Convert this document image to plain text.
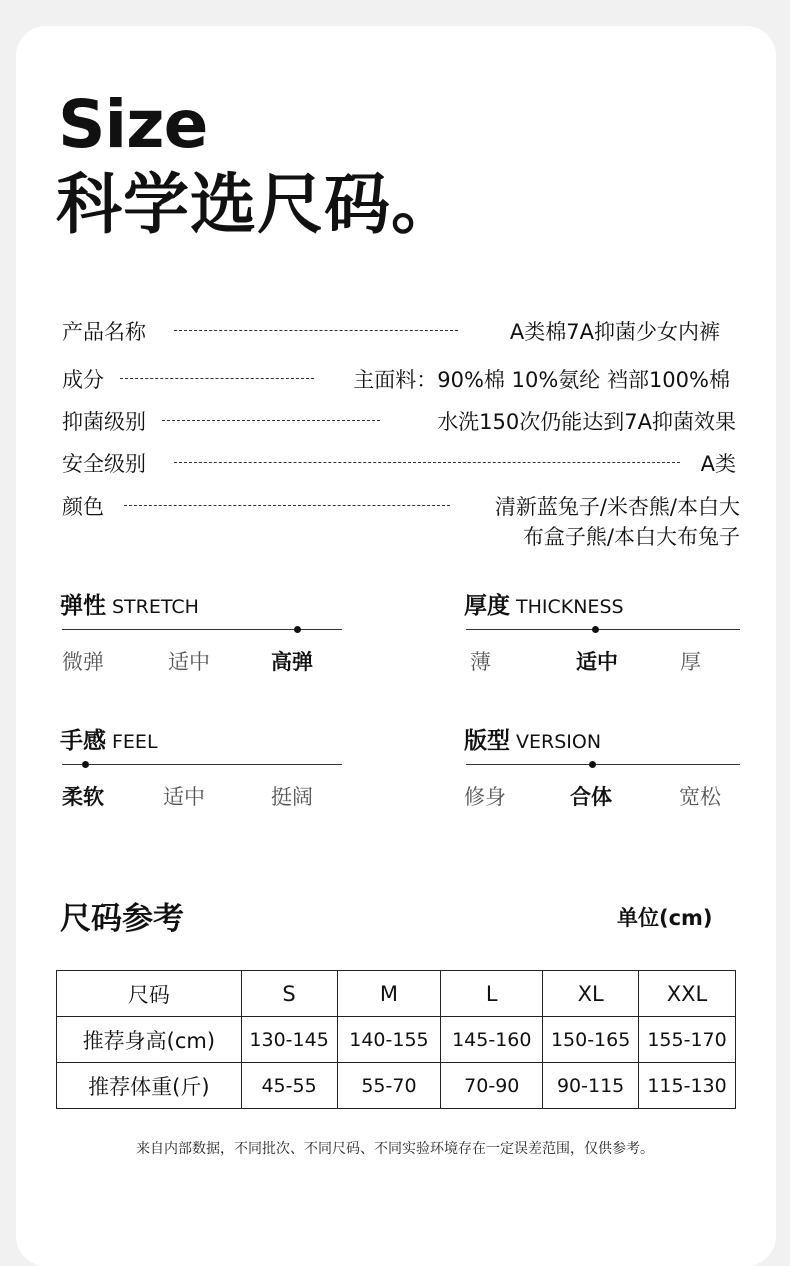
Size
科学选尺码。
产品名称	A类棉7A抑菌少女内裤
成分	主面料：90%棉 10%氨纶 裆部100%棉
抑菌级别	水洗150次仍能达到7A抑菌效果
安全级别	A类
颜色	清新蓝兔子/米杏熊/本白大
布盒子熊/本白大布兔子
弹性 STRETCH
微弹	适中	高弹
厚度 THICKNESS
薄	适中	厚
手感 FEEL
柔软	适中	挺阔
版型 VERSION
修身	合体	宽松
尺码参考	单位(cm)
尺码	S	M	L	XL	XXL
推荐身高(cm)	130-145	140-155	145-160	150-165	155-170
推荐体重(斤)	45-55	55-70	70-90	90-115	115-130
来自内部数据，不同批次、不同尺码、不同实验环境存在一定误差范围，仅供参考。
